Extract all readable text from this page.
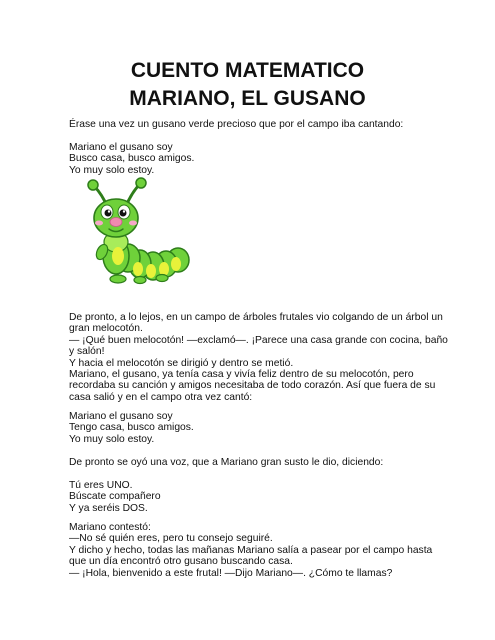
CUENTO MATEMATICO
MARIANO, EL GUSANO
Érase una vez un gusano verde precioso que por el campo iba cantando:
Mariano el gusano soy
Busco casa, busco amigos.
Yo muy solo estoy.
De pronto, a lo lejos, en un campo de árboles frutales vio colgando de un árbol un
gran melocotón.
— ¡Qué buen melocotón! —exclamó—. ¡Parece una casa grande con cocina, baño
y salón!
Y hacia el melocotón se dirigió y dentro se metió.
Mariano, el gusano, ya tenía casa y vivía feliz dentro de su melocotón, pero
recordaba su canción y amigos necesitaba de todo corazón. Así que fuera de su
casa salió y en el campo otra vez cantó:
Mariano el gusano soy
Tengo casa, busco amigos.
Yo muy solo estoy.
De pronto se oyó una voz, que a Mariano gran susto le dio, diciendo:
Tú eres UNO.
Búscate compañero
Y ya seréis DOS.
Mariano contestó:
—No sé quién eres, pero tu consejo seguiré.
Y dicho y hecho, todas las mañanas Mariano salía a pasear por el campo hasta
que un día encontró otro gusano buscando casa.
— ¡Hola, bienvenido a este frutal! —Dijo Mariano—. ¿Cómo te llamas?
